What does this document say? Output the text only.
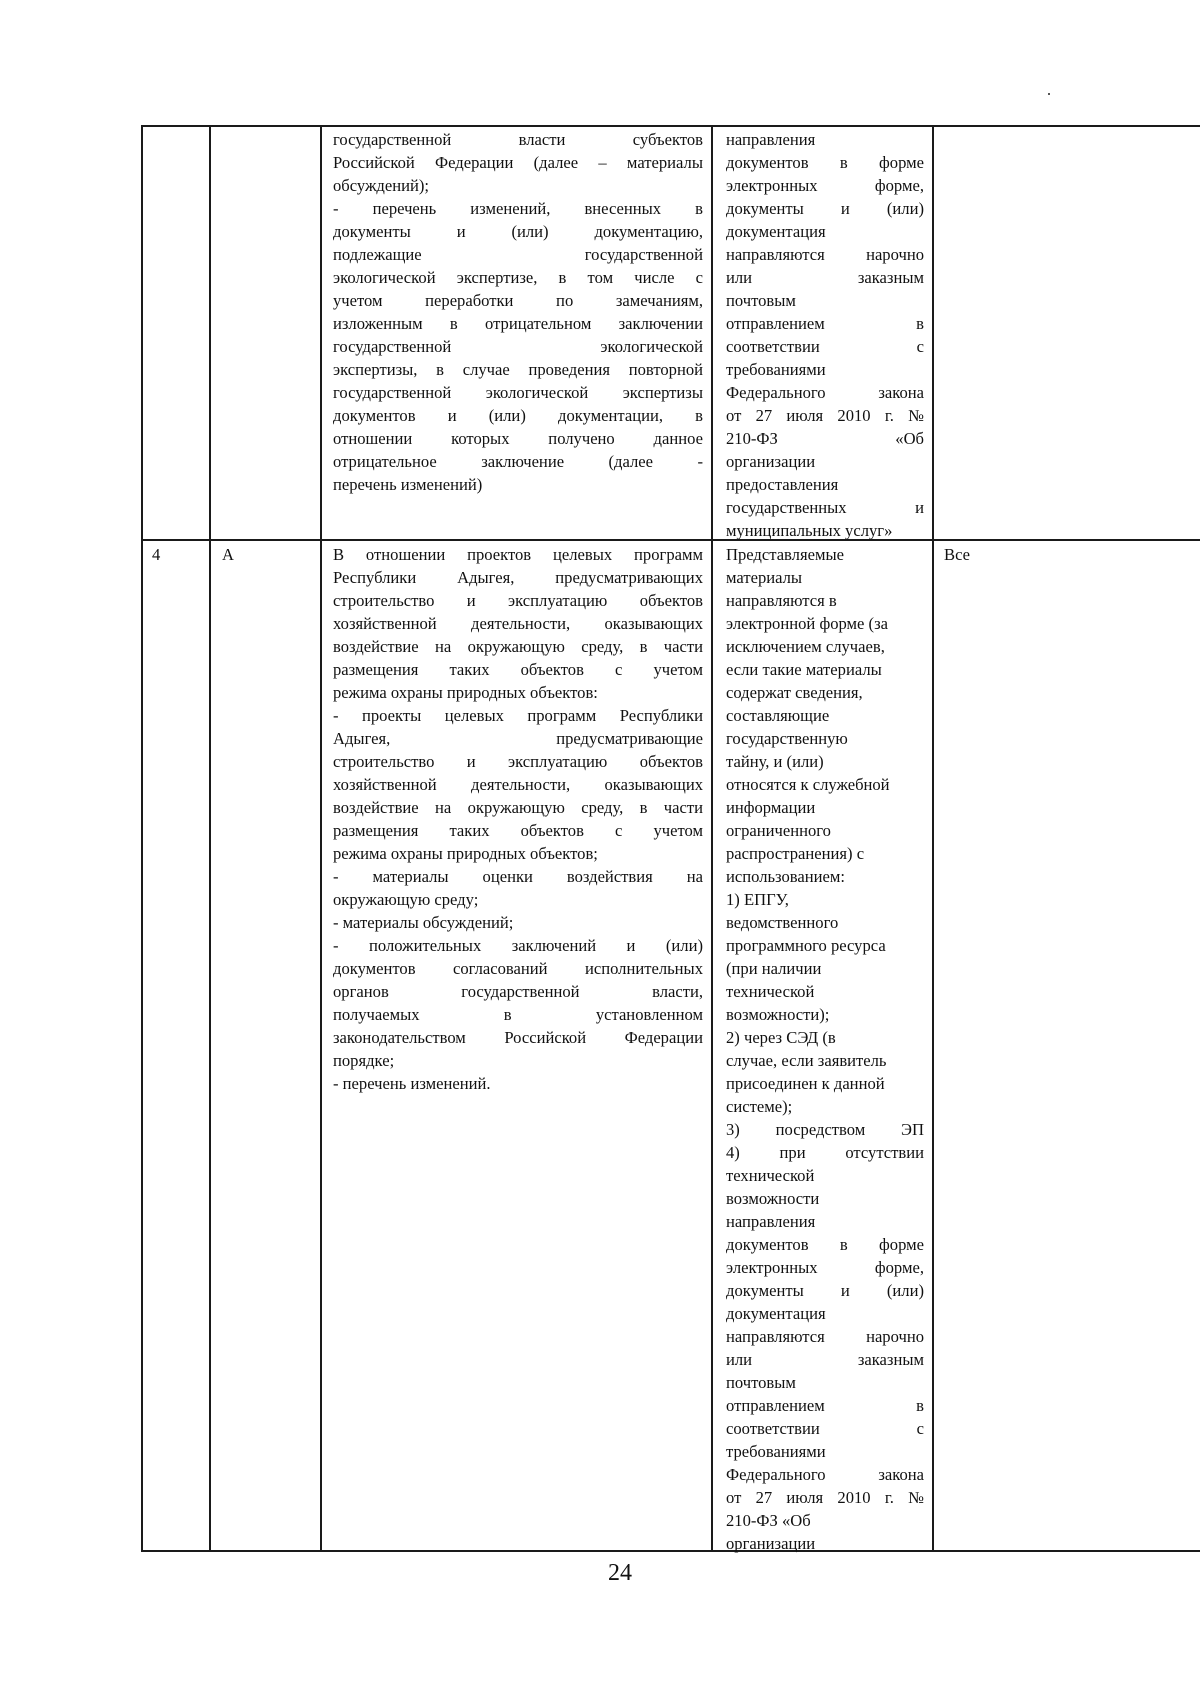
государственной власти субъектов
Российской Федерации (далее – материалы
обсуждений);
- перечень изменений, внесенных в
документы и (или) документацию,
подлежащие государственной
экологической экспертизе, в том числе с
учетом переработки по замечаниям,
изложенным в отрицательном заключении
государственной экологической
экспертизы, в случае проведения повторной
государственной экологической экспертизы
документов и (или) документации, в
отношении которых получено данное
отрицательное заключение (далее -
перечень изменений)
направления
документов в форме
электронных форме,
документы и (или)
документация
направляются нарочно
или заказным
почтовым
отправлением в
соответствии с
требованиями
Федерального закона
от 27 июля 2010 г. №
210-ФЗ «Об
организации
предоставления
государственных и
муниципальных услуг»
4	А	В отношении проектов целевых программ
Республики Адыгея, предусматривающих
строительство и эксплуатацию объектов
хозяйственной деятельности, оказывающих
воздействие на окружающую среду, в части
размещения таких объектов с учетом
режима охраны природных объектов:
- проекты целевых программ Республики
Адыгея, предусматривающие
строительство и эксплуатацию объектов
хозяйственной деятельности, оказывающих
воздействие на окружающую среду, в части
размещения таких объектов с учетом
режима охраны природных объектов;
- материалы оценки воздействия на
окружающую среду;
- материалы обсуждений;
- положительных заключений и (или)
документов согласований исполнительных
органов государственной власти,
получаемых в установленном
законодательством Российской Федерации
порядке;
- перечень изменений.
Представляемые
материалы
направляются в
электронной форме (за
исключением случаев,
если такие материалы
содержат сведения,
составляющие
государственную
тайну, и (или)
относятся к служебной
информации
ограниченного
распространения) с
использованием:
1) ЕПГУ,
ведомственного
программного ресурса
(при наличии
технической
возможности);
2) через СЭД (в
случае, если заявитель
присоединен к данной
системе);
3) посредством ЭП
4) при отсутствии
технической
возможности
направления
документов в форме
электронных форме,
документы и (или)
документация
направляются нарочно
или заказным
почтовым
отправлением в
соответствии с
требованиями
Федерального закона
от 27 июля 2010 г. №
210-ФЗ «Об
организации
Все
24
